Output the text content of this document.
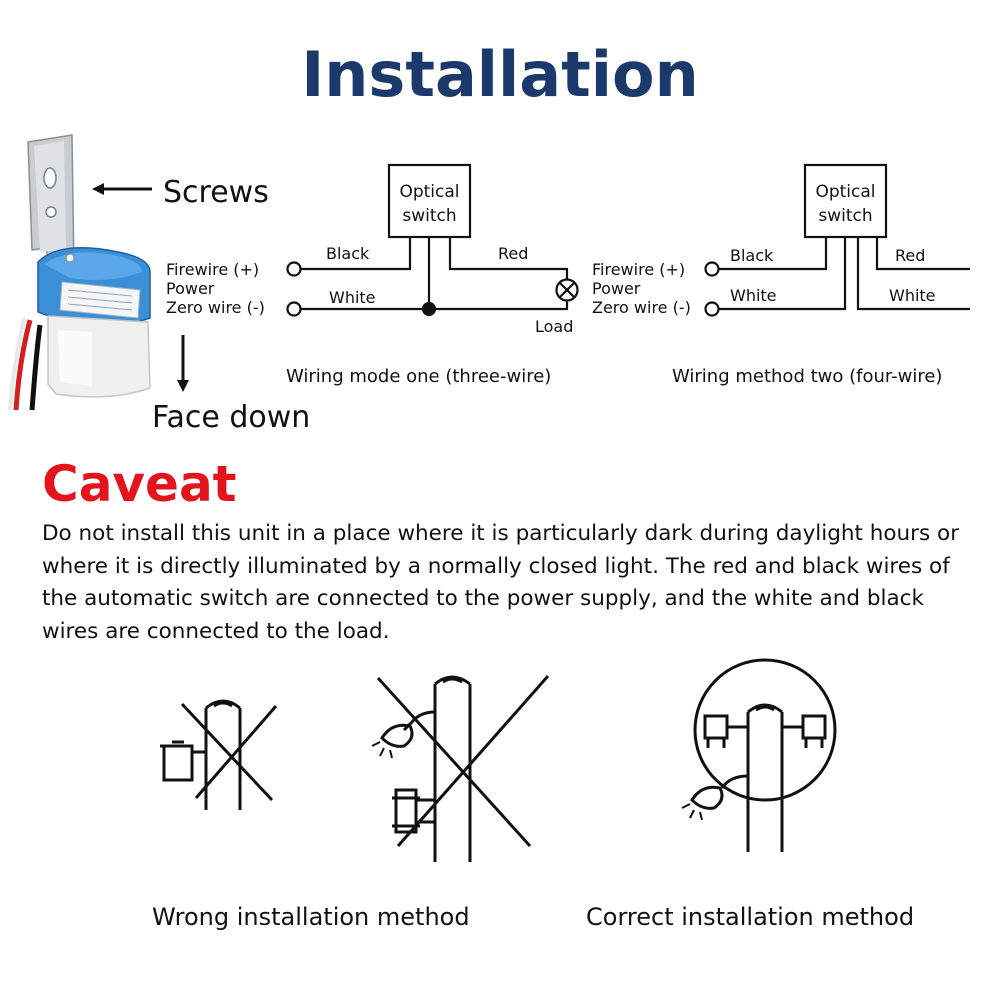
Installation
Screws
Face down
Optical
switch
Firewire (+)
Power
Zero wire (-)
Black
White
Red
Load
Wiring mode one (three-wire)
Optical
switch
Firewire (+)
Power
Zero wire (-)
Black
White
Red
White
Wiring method two (four-wire)
Caveat
Do not install this unit in a place where it is particularly dark during daylight hours or where it is directly illuminated by a normally closed light. The red and black wires of the automatic switch are connected to the power supply, and the white and black wires are connected to the load.
Wrong installation method	Correct installation method
